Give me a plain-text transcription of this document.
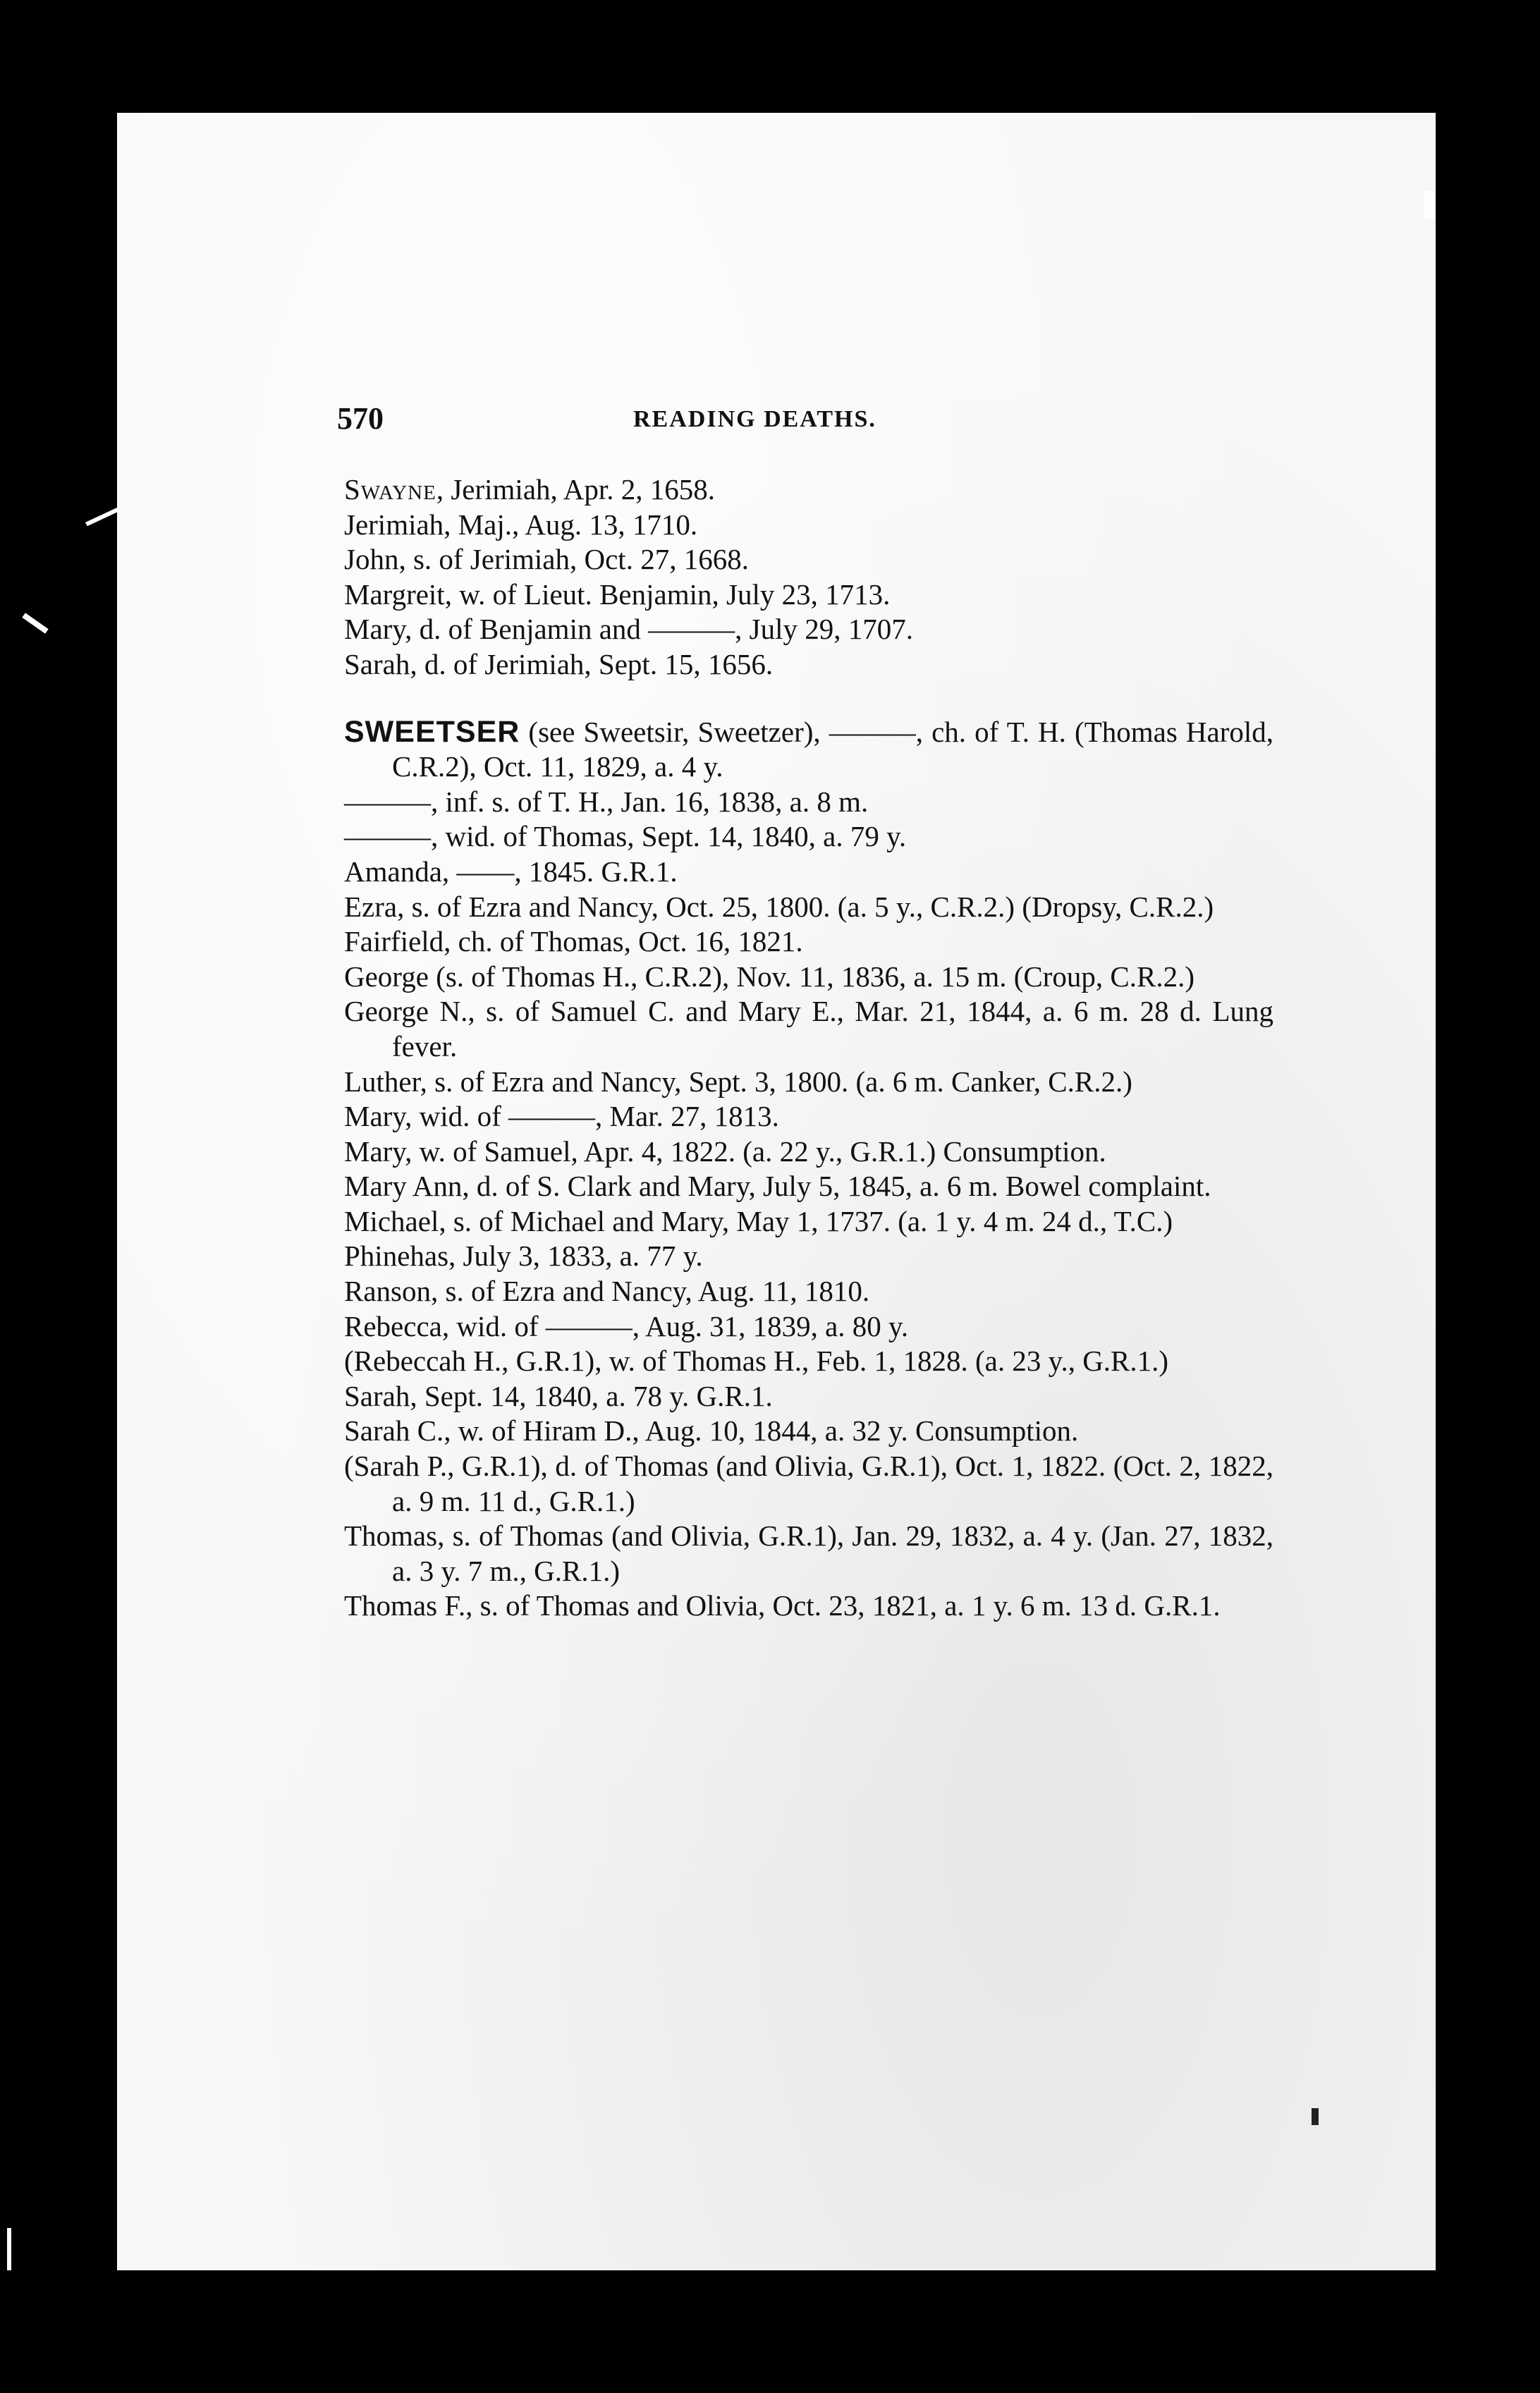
570	READING DEATHS.

Swayne, Jerimiah, Apr. 2, 1658.

Jerimiah, Maj., Aug. 13, 1710.

John, s. of Jerimiah, Oct. 27, 1668.

Margreit, w. of Lieut. Benjamin, July 23, 1713.

Mary, d. of Benjamin and ———, July 29, 1707.

Sarah, d. of Jerimiah, Sept. 15, 1656.

SWEETSER (see Sweetsir, Sweetzer), ———, ch. of T. H. (Thomas Harold, C.R.2), Oct. 11, 1829, a. 4 y.

———, inf. s. of T. H., Jan. 16, 1838, a. 8 m.

———, wid. of Thomas, Sept. 14, 1840, a. 79 y.

Amanda, ——, 1845. G.R.1.

Ezra, s. of Ezra and Nancy, Oct. 25, 1800. (a. 5 y., C.R.2.) (Dropsy, C.R.2.)

Fairfield, ch. of Thomas, Oct. 16, 1821.

George (s. of Thomas H., C.R.2), Nov. 11, 1836, a. 15 m. (Croup, C.R.2.)

George N., s. of Samuel C. and Mary E., Mar. 21, 1844, a. 6 m. 28 d. Lung fever.

Luther, s. of Ezra and Nancy, Sept. 3, 1800. (a. 6 m. Canker, C.R.2.)

Mary, wid. of ———, Mar. 27, 1813.

Mary, w. of Samuel, Apr. 4, 1822. (a. 22 y., G.R.1.) Consumption.

Mary Ann, d. of S. Clark and Mary, July 5, 1845, a. 6 m. Bowel complaint.

Michael, s. of Michael and Mary, May 1, 1737. (a. 1 y. 4 m. 24 d., T.C.)

Phinehas, July 3, 1833, a. 77 y.

Ranson, s. of Ezra and Nancy, Aug. 11, 1810.

Rebecca, wid. of ———, Aug. 31, 1839, a. 80 y.

(Rebeccah H., G.R.1), w. of Thomas H., Feb. 1, 1828. (a. 23 y., G.R.1.)

Sarah, Sept. 14, 1840, a. 78 y. G.R.1.

Sarah C., w. of Hiram D., Aug. 10, 1844, a. 32 y. Consumption.

(Sarah P., G.R.1), d. of Thomas (and Olivia, G.R.1), Oct. 1, 1822. (Oct. 2, 1822, a. 9 m. 11 d., G.R.1.)

Thomas, s. of Thomas (and Olivia, G.R.1), Jan. 29, 1832, a. 4 y. (Jan. 27, 1832, a. 3 y. 7 m., G.R.1.)

Thomas F., s. of Thomas and Olivia, Oct. 23, 1821, a. 1 y. 6 m. 13 d. G.R.1.
